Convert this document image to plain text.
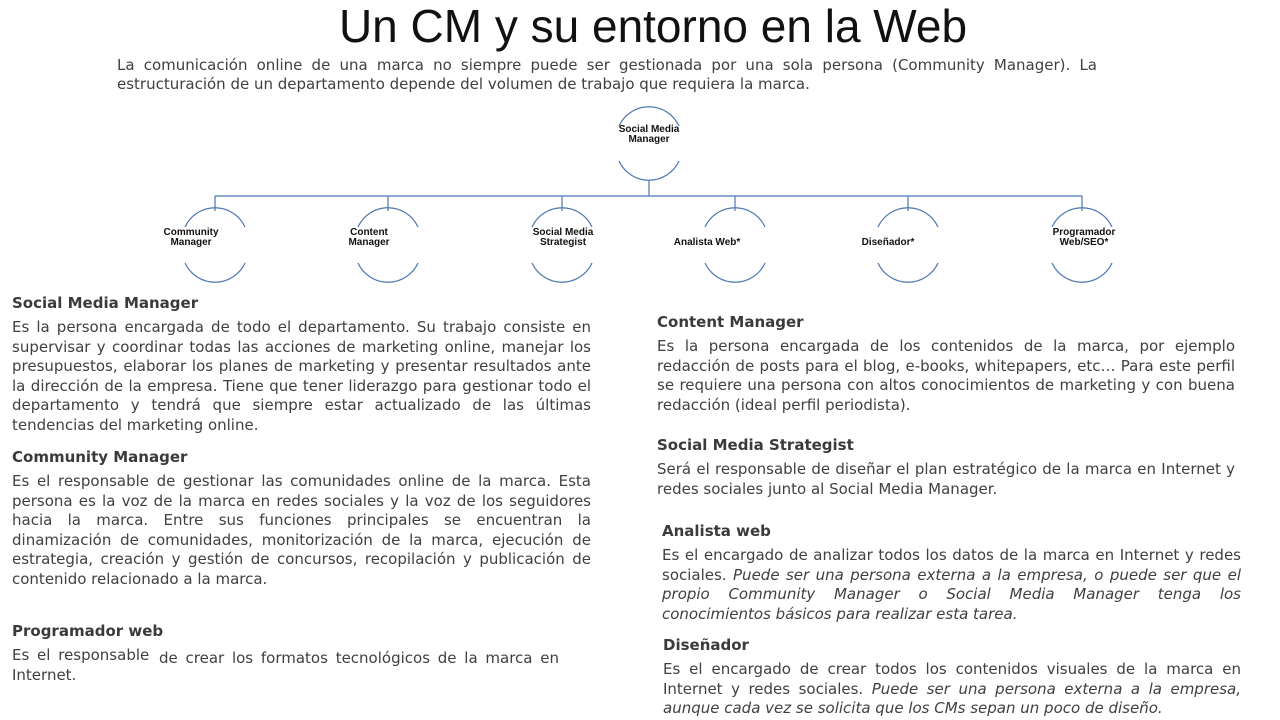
Un CM y su entorno en la Web

La comunicación online de una marca no siempre puede ser gestionada por una sola persona (Community Manager). La estructuración de un departamento depende del volumen de trabajo que requiera la marca.

Social Media
Manager
Community
Manager
Content
Manager
Social Media
Strategist	Analista Web*	Diseñador*
Programador
Web/SEO*
Social Media Manager

Es la persona encargada de todo el departamento. Su trabajo consiste en supervisar y coordinar todas las acciones de marketing online, manejar los presupuestos, elaborar los planes de marketing y presentar resultados ante la dirección de la empresa. Tiene que tener liderazgo para gestionar todo el departamento y tendrá que siempre estar actualizado de las últimas tendencias del marketing online.

Community Manager

Es el responsable de gestionar las comunidades online de la marca. Esta persona es la voz de la marca en redes sociales y la voz de los seguidores hacia la marca. Entre sus funciones principales se encuentran la dinamización de comunidades, monitorización de la marca, ejecución de estrategia, creación y gestión de concursos, recopilación y publicación de contenido relacionado a la marca.

Programador web
Es el responsable de crear los formatos tecnológicos de la marca en
Internet.
Content Manager

Es la persona encargada de los contenidos de la marca, por ejemplo redacción de posts para el blog, e-books, whitepapers, etc… Para este perfil se requiere una persona con altos conocimientos de marketing y con buena redacción (ideal perfil periodista).

Social Media Strategist

Será el responsable de diseñar el plan estratégico de la marca en Internet y redes sociales junto al Social Media Manager.

Analista web

Es el encargado de analizar todos los datos de la marca en Internet y redes sociales. Puede ser una persona externa a la empresa, o puede ser que el propio Community Manager o Social Media Manager tenga los conocimientos básicos para realizar esta tarea.

Diseñador

Es el encargado de crear todos los contenidos visuales de la marca en Internet y redes sociales. Puede ser una persona externa a la empresa, aunque cada vez se solicita que los CMs sepan un poco de diseño.
